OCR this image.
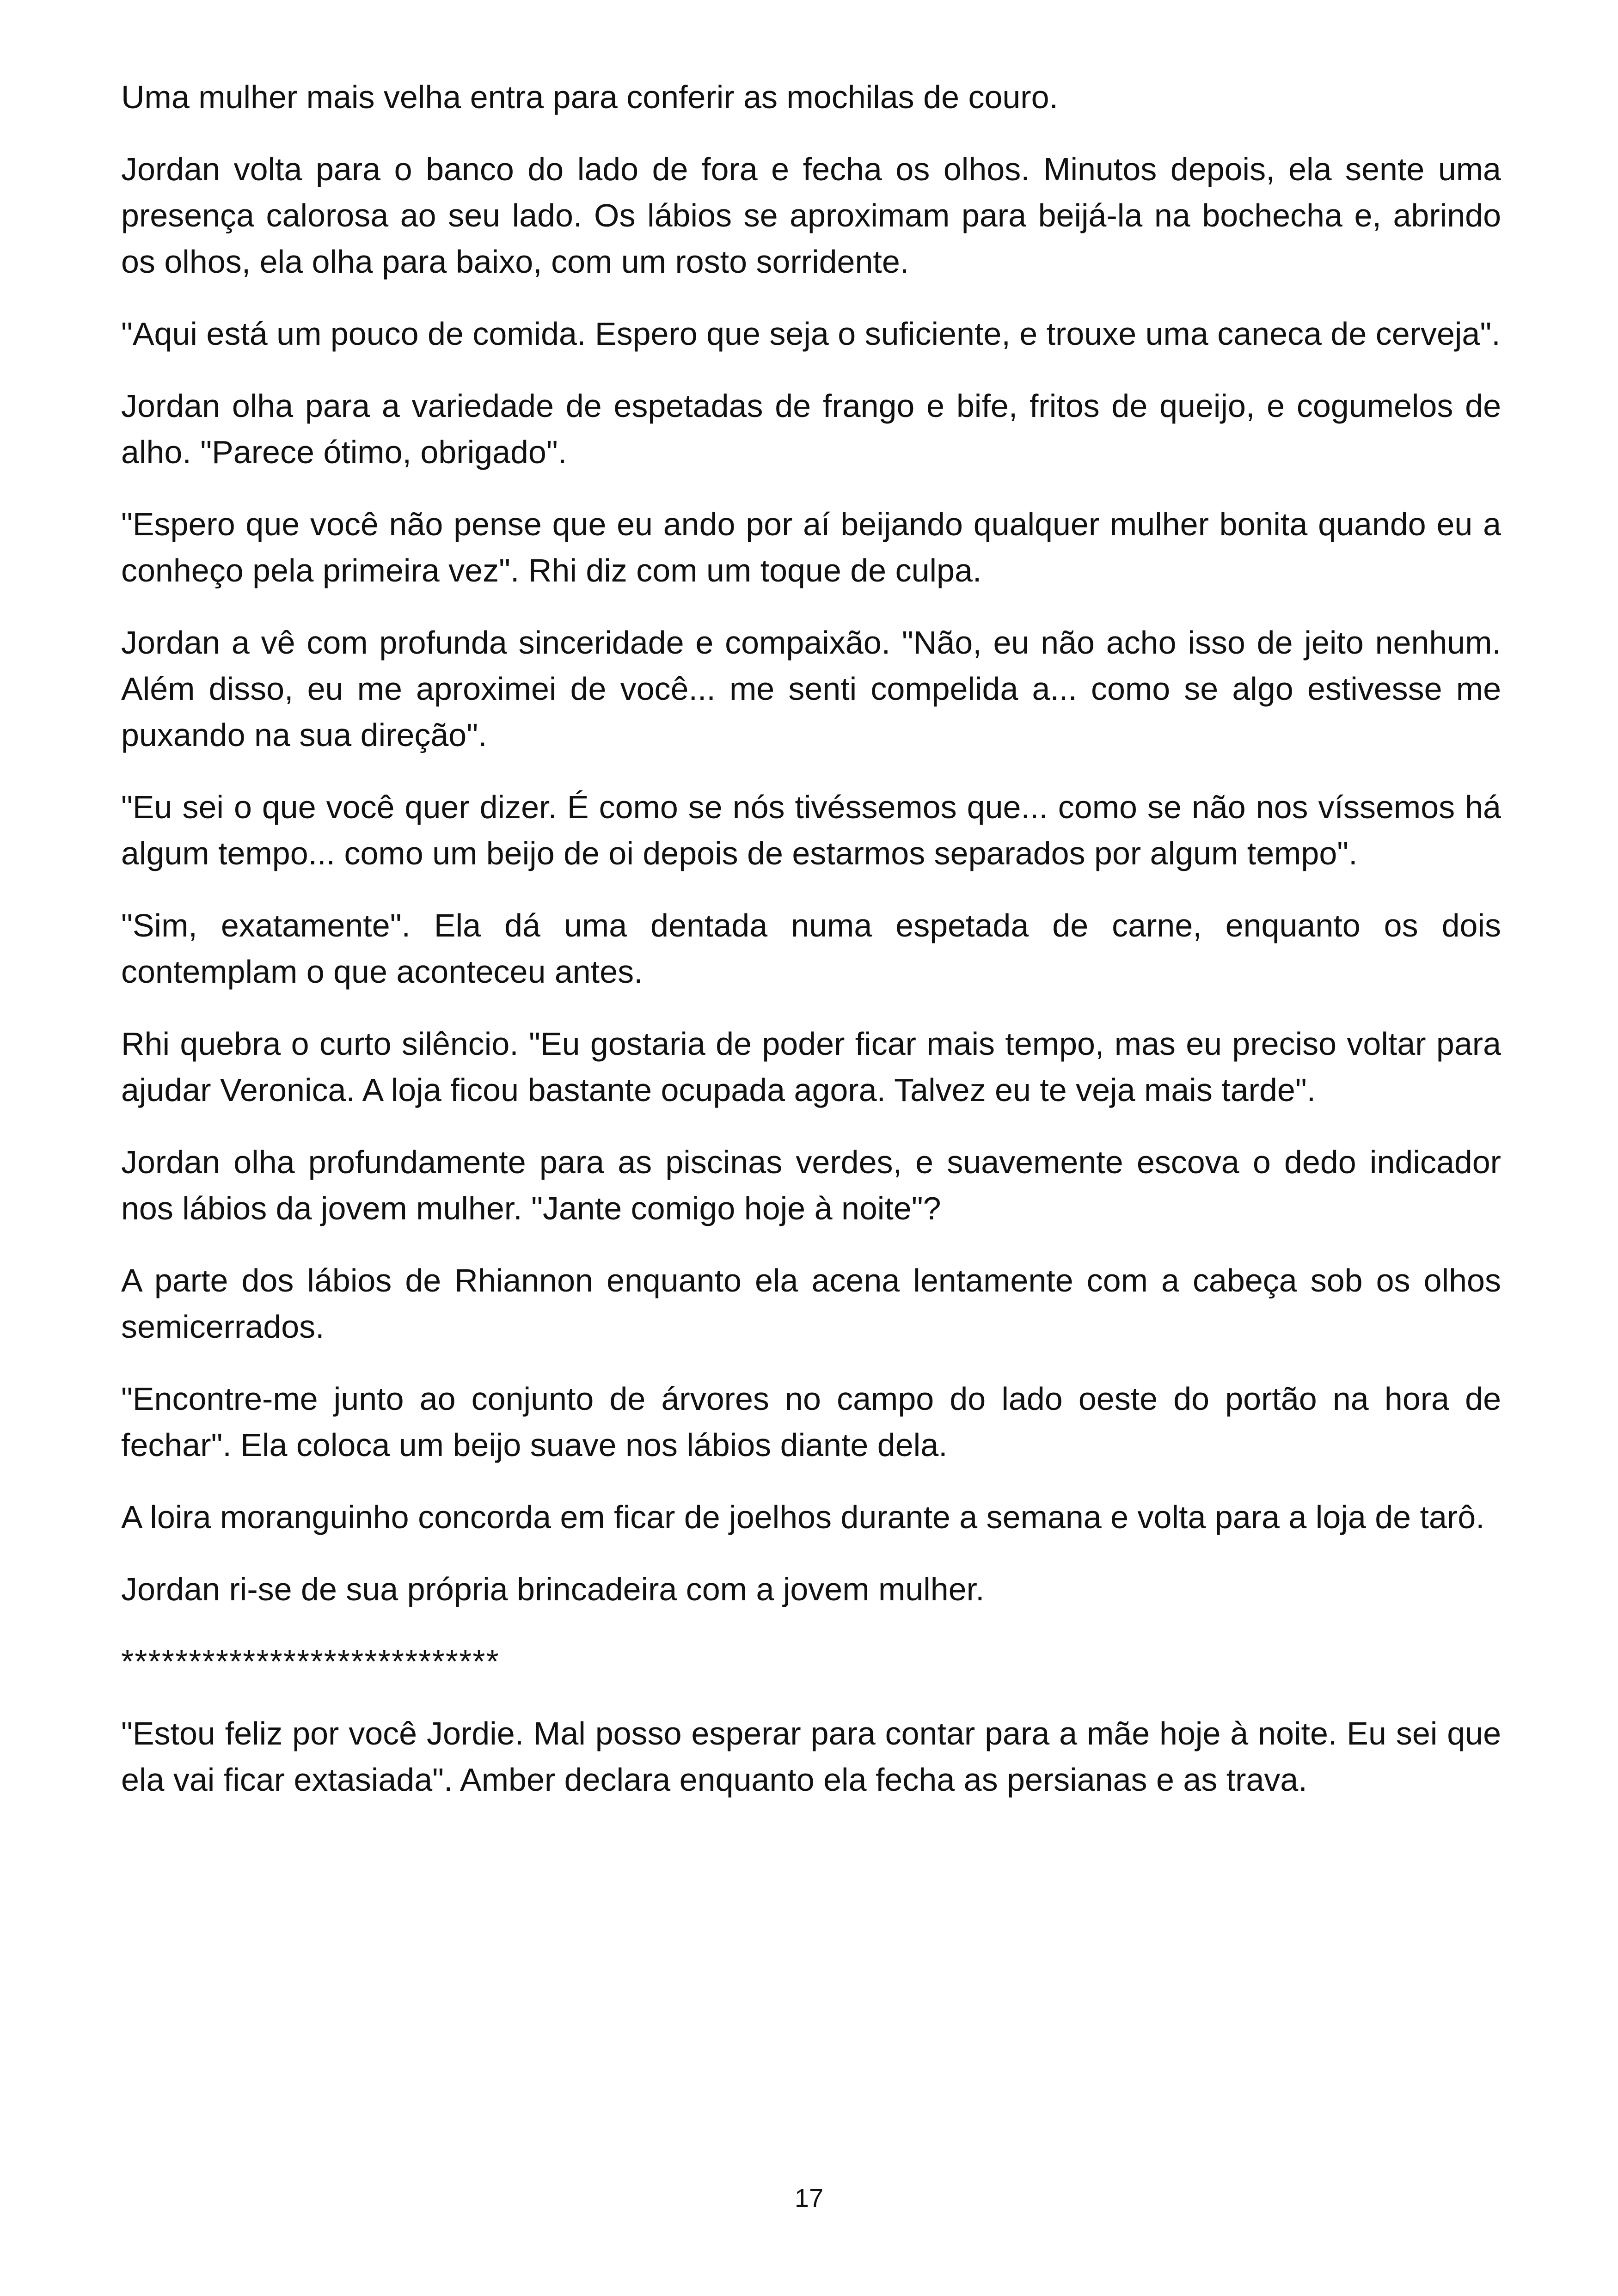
Uma mulher mais velha entra para conferir as mochilas de couro.

Jordan volta para o banco do lado de fora e fecha os olhos. Minutos depois, ela sente uma presença calorosa ao seu lado. Os lábios se aproximam para beijá-la na bochecha e, abrindo os olhos, ela olha para baixo, com um rosto sorridente.

"Aqui está um pouco de comida. Espero que seja o suficiente, e trouxe uma caneca de cerveja".

Jordan olha para a variedade de espetadas de frango e bife, fritos de queijo, e cogumelos de alho. "Parece ótimo, obrigado".

"Espero que você não pense que eu ando por aí beijando qualquer mulher bonita quando eu a conheço pela primeira vez". Rhi diz com um toque de culpa.

Jordan a vê com profunda sinceridade e compaixão. "Não, eu não acho isso de jeito nenhum. Além disso, eu me aproximei de você... me senti compelida a... como se algo estivesse me puxando na sua direção".

"Eu sei o que você quer dizer. É como se nós tivéssemos que... como se não nos víssemos há algum tempo... como um beijo de oi depois de estarmos separados por algum tempo".

"Sim, exatamente". Ela dá uma dentada numa espetada de carne, enquanto os dois contemplam o que aconteceu antes.

Rhi quebra o curto silêncio. "Eu gostaria de poder ficar mais tempo, mas eu preciso voltar para ajudar Veronica. A loja ficou bastante ocupada agora. Talvez eu te veja mais tarde".

Jordan olha profundamente para as piscinas verdes, e suavemente escova o dedo indicador nos lábios da jovem mulher. "Jante comigo hoje à noite"?

A parte dos lábios de Rhiannon enquanto ela acena lentamente com a cabeça sob os olhos semicerrados.

"Encontre-me junto ao conjunto de árvores no campo do lado oeste do portão na hora de fechar". Ela coloca um beijo suave nos lábios diante dela.

A loira moranguinho concorda em ficar de joelhos durante a semana e volta para a loja de tarô.

Jordan ri-se de sua própria brincadeira com a jovem mulher.

****************************

"Estou feliz por você Jordie. Mal posso esperar para contar para a mãe hoje à noite. Eu sei que ela vai ficar extasiada". Amber declara enquanto ela fecha as persianas e as trava.

17
